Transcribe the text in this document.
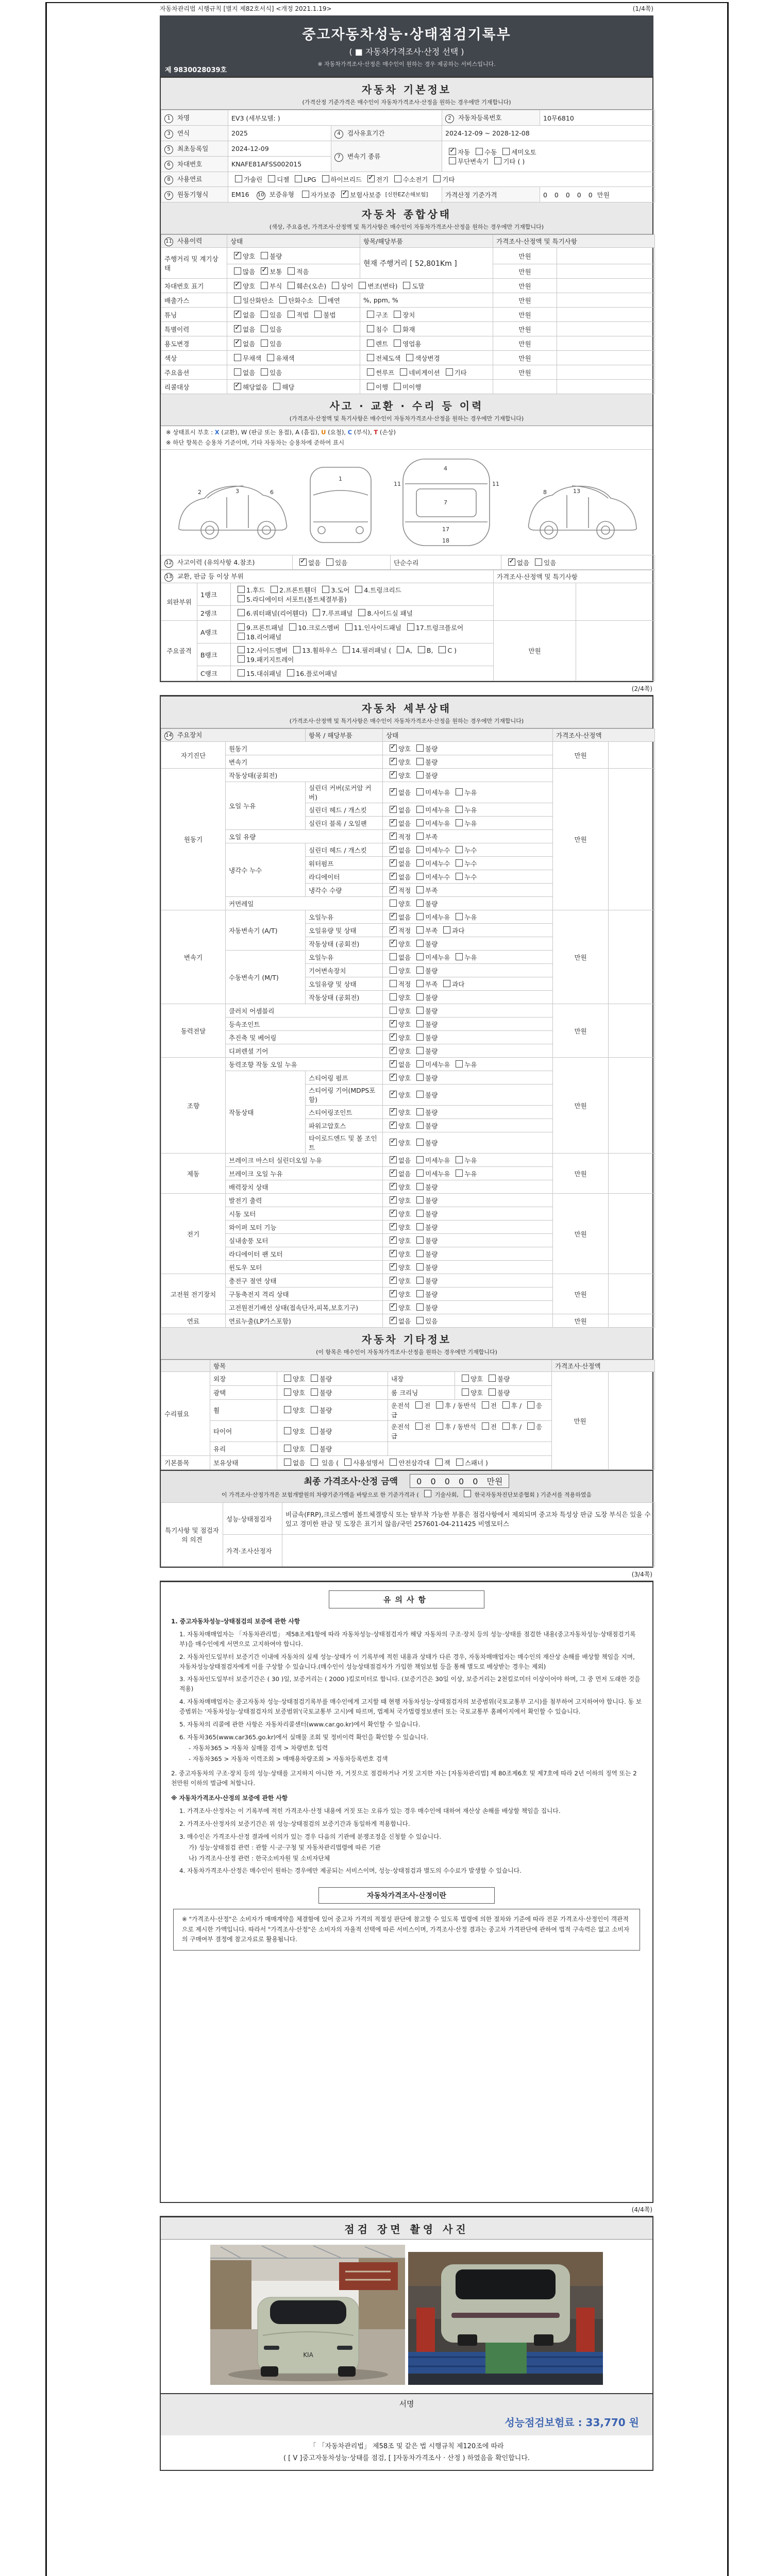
자동차관리법 시행규칙 [별지 제82호서식] <개정 2021.1.19>	(1/4쪽)
중고자동차성능·상태점검기록부
( ■ 자동차가격조사·산정 선택 )
※ 자동차가격조사·산정은 매수인이 원하는 경우 제공하는 서비스입니다.
제 9830028039호
자동차 기본정보
(가격산정 기준가격은 매수인이 자동차가격조사·산정을 원하는 경우에만 기재합니다)
1 차명	EV3 (세부모델: )		2 자동차등록번호	10무6810
3 연식	2025	4 검사유효기간	2024-12-09 ~ 2028-12-08	
5 최초등록일	2024-12-09	7 변속기 종류	
✓자동 수동 세미오토
무단변속기 기타 ( )

6 차대번호	KNAFE81AFSS002015			
8 사용연료	가솔린 디젤 LPG 하이브리드 ✓전기 수소전기 기타
9 원동기형식	EM16 10 보증유형 자가보증 ✓보험사보증 [신한EZ손해보험]		가격산정 기준가격	0 0 0 0 0 만원
자동차 종합상태
(색상, 주요옵션, 가격조사·산정액 및 특기사항은 매수인이 자동차가격조사·산정을 원하는 경우에만 기재합니다)
11 사용이력	상태	항목/해당부품	가격조사·산정액 및 특기사항	
주행거리 및 계기상태	✓양호 불량	현재 주행거리 [ 52,801Km ]	만원	
	많음 ✓보통 적음		만원	
차대번호 표기	✓양호 부식 훼손(오손) 상이 변조(변타) 도말		만원	
배출가스	일산화탄소 탄화수소 매연	%, ppm, %	만원	
튜닝	✓없음 있음 적법 불법	구조 장치	만원	
특별이력	✓없음 있음	침수 화재	만원	
용도변경	✓없음 있음	렌트 영업용	만원	
색상	무채색 유채색	전체도색 색상변경	만원	
주요옵션	없음 있음	썬루프 네비게이션 기타	만원	
리콜대상	✓해당없음 해당	이행 미이행		
사고 · 교환 · 수리 등 이력
(가격조사·산정액 및 특기사항은 매수인이 자동차가격조사·산정을 원하는 경우에만 기재합니다)
※ 상태표시 부호 : X (교환), W (판금 또는 용접), A (흠집), U (요철), C (부식), T (손상)
※ 하단 항목은 승용차 기준이며, 기타 자동차는 승용차에 준하여 표시
2	3	6
1
4
7
11	11
17
18
13
8
12 사고이력 (유의사항 4.참조)	✓없음 있음	단순수리	✓없음 있음
13 교환, 판금 등 이상 부위			가격조사·산정액 및 특기사항	
외판부위	1랭크	1.후드 2.프론트휀더 3.도어 4.트렁크리드
5.라디에이터 서포트(볼트체결부품)		
	2랭크	6.쿼터패널(리어휀다) 7.루프패널 8.사이드실 패널		
주요골격	A랭크	9.프론트패널 10.크로스멤버 11.인사이드패널 17.트렁크플로어
18.리어패널	만원	
	B랭크	12.사이드멤버 13.휠하우스 14.필러패널 ( A, B, C )
19.패키지트레이		
	C랭크	15.대쉬패널 16.플로어패널		
(2/4쪽)
자동차 세부상태
(가격조사·산정액 및 특기사항은 매수인이 자동차가격조사·산정을 원하는 경우에만 기재합니다)
14 주요장치		항목 / 해당부품	상태	가격조사·산정액	
자기진단	원동기	✓양호 불량	만원	
	변속기	✓양호 불량
원동기	작동상태(공회전)	✓양호 불량	만원	
	오일 누유	실린더 커버(로커암 커버)	✓없음 미세누유 누유
		실린더 헤드 / 개스킷	✓없음 미세누유 누유
		실린더 블록 / 오일팬	✓없음 미세누유 누유
	오일 유량	✓적정 부족
	냉각수 누수	실린더 헤드 / 개스킷	✓없음 미세누수 누수
		워터펌프	✓없음 미세누수 누수
		라디에이터	✓없음 미세누수 누수
		냉각수 수량	✓적정 부족
	커먼레일		양호 불량		
변속기	자동변속기 (A/T)	오일누유	✓없음 미세누유 누유	만원	
		오일유량 및 상태	✓적정 부족 과다
		작동상태 (공회전)	✓양호 불량
	수동변속기 (M/T)	오일누유	없음 미세누유 누유		
		기어변속장치	양호 불량		
		오일유량 및 상태	적정 부족 과다		
		작동상태 (공회전)	양호 불량		
동력전달	클러치 어셈블리		양호 불량	만원	
	등속조인트	✓양호 불량
	추진축 및 베어링	✓양호 불량
	디퍼렌셜 기어	✓양호 불량
조향	동력조향 작동 오일 누유	✓없음 미세누유 누유	만원	
	작동상태	스티어링 펌프	✓양호 불량
		스티어링 기어(MDPS포함)	✓양호 불량
		스티어링조인트	✓양호 불량
		파워고압호스	✓양호 불량
		타이로드엔드 및 볼 조인트	✓양호 불량
제동	브레이크 마스터 실린더오일 누유	✓없음 미세누유 누유	만원	
	브레이크 오일 누유	✓없음 미세누유 누유
	배력장치 상태	✓양호 불량
전기	발전기 출력	✓양호 불량	만원	
	시동 모터	✓양호 불량
	와이퍼 모터 기능	✓양호 불량
	실내송풍 모터	✓양호 불량
	라디에이터 팬 모터	✓양호 불량
	윈도우 모터	✓양호 불량
고전원 전기장치	충전구 절연 상태	✓양호 불량	만원	
	구동축전지 격리 상태	✓양호 불량
	고전원전기배선 상태(접속단자,피복,보호기구)	✓양호 불량
연료	연료누출(LP가스포함)	✓없음 있음	만원	
자동차 기타정보
(이 항목은 매수인이 자동차가격조사·산정을 원하는 경우에만 기재합니다)
	항목				가격조사·산정액	
수리필요	외장	양호 불량	내장	양호 불량	만원	
	광택	양호 불량	룸 크리닝	양호 불량		
	휠	양호 불량	운전석 전 후 / 동반석 전 후 / 응급			
	타이어	양호 불량	운전석 전 후 / 동반석 전 후 / 응급			
	유리	양호 불량				
기본품목	보유상태	없음  있음 ( 사용설명서 안전삼각대 잭 스패너 )				
최종 가격조사·산정 금액 0 0 0 0 0 만원
이 가격조사·산정가격은 보험개발원의 차량기준가액을 바탕으로 한 기준가격과 (  기술사회,  한국자동차진단보증협회 ) 기준서를 적용하였음
특기사항 및 점검자의 의견	성능·상태점검자	비금속(FRP),크로스멤버 볼트체결방식 또는 탈부착 가능한 부품은 점검사항에서 제외되며 중고차 특성상 판금 도장 부식은 있을 수 있고 경미한 판금 및 도장은 표기치 않음/국민 257601-04-211425 비엠모터스
	가격·조사산정자	
(3/4쪽)
유의사항
1. 중고자동차성능·상태점검의 보증에 관한 사항
1. 자동차매매업자는 「자동차관리법」 제58조제1항에 따라 자동차성능·상태점검자가 해당 자동차의 구조·장치 등의 성능·상태를 점검한 내용(중고자동차성능·상태점검기록부)을 매수인에게 서면으로 고지하여야 합니다.
2. 자동차인도일부터 보증기간 이내에 자동차의 실제 성능·상태가 이 기록부에 적힌 내용과 상태가 다른 경우, 자동차매매업자는 매수인의 재산상 손해를 배상할 책임을 지며, 자동차성능상태점검자에게 이를 구상할 수 있습니다.(매수인이 성능상태점검자가 가입한 책임보험 등을 통해 별도로 배상받는 경우는 제외)
3. 자동차인도일부터 보증기간은 ( 30 )일, 보증거리는 ( 2000 )킬로미터로 합니다. (보증기간은 30일 이상, 보증거리는 2천킬로미터 이상이어야 하며, 그 중 먼저 도래한 것을 적용)
4. 자동차매매업자는 중고자동차 성능·상태점검기록부를 매수인에게 고지할 때 현행 자동차성능·상태점검자의 보증범위(국토교통부 고시)를 첨부하여 고지하여야 합니다. 동 보증범위는 '자동차성능·상태점검자의 보증범위'(국토교통부 고시)에 따르며, 법제처 국가법령정보센터 또는 국토교통부 홈페이지에서 확인할 수 있습니다.
5. 자동차의 리콜에 관한 사항은 자동차리콜센터(www.car.go.kr)에서 확인할 수 있습니다.
6. 자동차365(www.car365.go.kr)에서 실매물 조회 및 정비이력 확인을 확인할 수 있습니다.
- 자동차365 > 자동차 실매물 검색 > 차량번호 입력
- 자동차365 > 자동차 이력조회 > 매매용차량조회 > 자동차등록번호 검색
2. 중고자동차의 구조·장치 등의 성능·상태를 고지하지 아니한 자, 거짓으로 점검하거나 거짓 고지한 자는 [자동차관리법] 제 80조제6호 및 제7호에 따라 2년 이하의 징역 또는 2천만원 이하의 벌금에 처합니다.
※ 자동차가격조사·산정의 보증에 관한 사항
1. 가격조사·산정자는 이 기록부에 적힌 가격조사·산정 내용에 거짓 또는 오류가 있는 경우 매수인에 대하여 재산상 손해를 배상할 책임을 집니다.
2. 가격조사·산정자의 보증기간은 위 성능·상태점검의 보증기간과 동일하게 적용합니다.
3. 매수인은 가격조사·산정 결과에 이의가 있는 경우 다음의 기관에 분쟁조정을 신청할 수 있습니다.
가) 성능·상태점검 관련 : 관할 시·군·구청 및 자동차관리법령에 따른 기관
나) 가격조사·산정 관련 : 한국소비자원 및 소비자단체
4. 자동차가격조사·산정은 매수인이 원하는 경우에만 제공되는 서비스이며, 성능·상태점검과 별도의 수수료가 발생할 수 있습니다.
자동차가격조사·산정이란
※ "가격조사·산정"은 소비자가 매매계약을 체결함에 있어 중고차 가격의 적절성 판단에 참고할 수 있도록 법령에 의한 절차와 기준에 따라 전문 가격조사·산정인이 객관적으로 제시한 가액입니다. 따라서 "가격조사·산정"은 소비자의 자율적 선택에 따른 서비스이며, 가격조사·산정 결과는 중고차 가격판단에 관하여 법적 구속력은 없고 소비자의 구매여부 결정에 참고자료로 활용됩니다.
(4/4쪽)
점검 장면 촬영 사진
KIA

서명
성능점검보험료 : 33,770 원
「 「자동차관리법」 제58조 및 같은 법 시행규칙 제120조에 따라
( [ V ]중고자동차성능·상태를 점검, [ ]자동차가격조사 · 산정 ) 하였음을 확인합니다.
